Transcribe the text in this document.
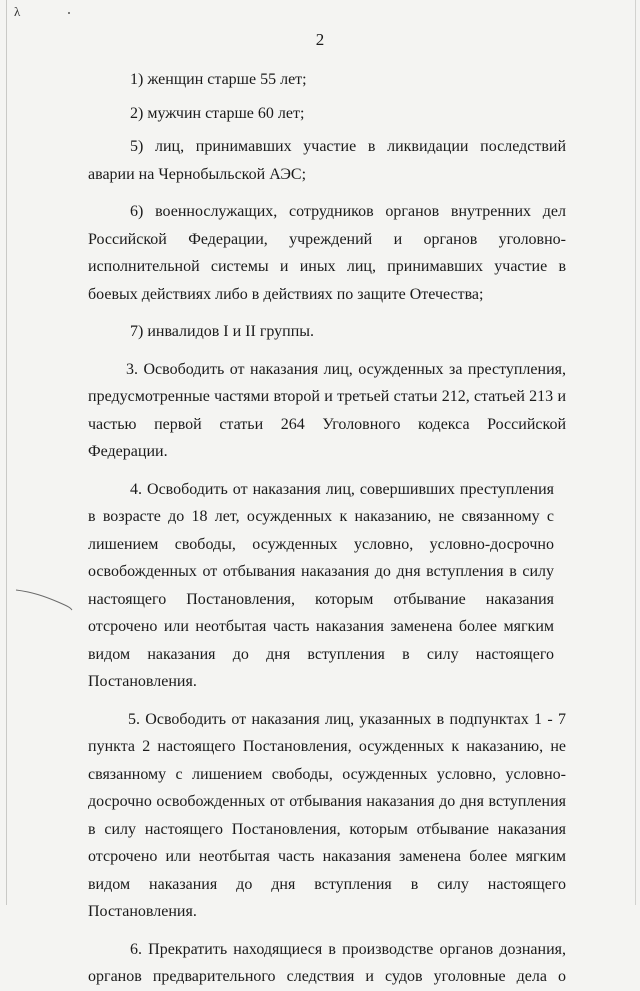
λ
2

1) женщин старше 55 лет;

2) мужчин старше 60 лет;

5) лиц, принимавших участие в ликвидации последствий аварии на Чернобыльской АЭС;

6) военнослужащих, сотрудников органов внутренних дел Российской Федерации, учреждений и органов уголовно-исполнительной системы и иных лиц, принимавших участие в боевых действиях либо в действиях по защите Отечества;

7) инвалидов I и II группы.

3. Освободить от наказания лиц, осужденных за преступления, предусмотренные частями второй и третьей статьи 212, статьей 213 и частью первой статьи 264 Уголовного кодекса Российской Федерации.

4. Освободить от наказания лиц, совершивших преступления в возрасте до 18 лет, осужденных к наказанию, не связанному с лишением свободы, осужденных условно, условно-досрочно освобожденных от отбывания наказания до дня вступления в силу настоящего Постановления, которым отбывание наказания отсрочено или неотбытая часть наказания заменена более мягким видом наказания до дня вступления в силу настоящего Постановления.

5. Освободить от наказания лиц, указанных в подпунктах 1 - 7 пункта 2 настоящего Постановления, осужденных к наказанию, не связанному с лишением свободы, осужденных условно, условно-досрочно освобожденных от отбывания наказания до дня вступления в силу настоящего Постановления, которым отбывание наказания отсрочено или неотбытая часть наказания заменена более мягким видом наказания до дня вступления в силу настоящего Постановления.

6. Прекратить находящиеся в производстве органов дознания, органов предварительного следствия и судов уголовные дела о
